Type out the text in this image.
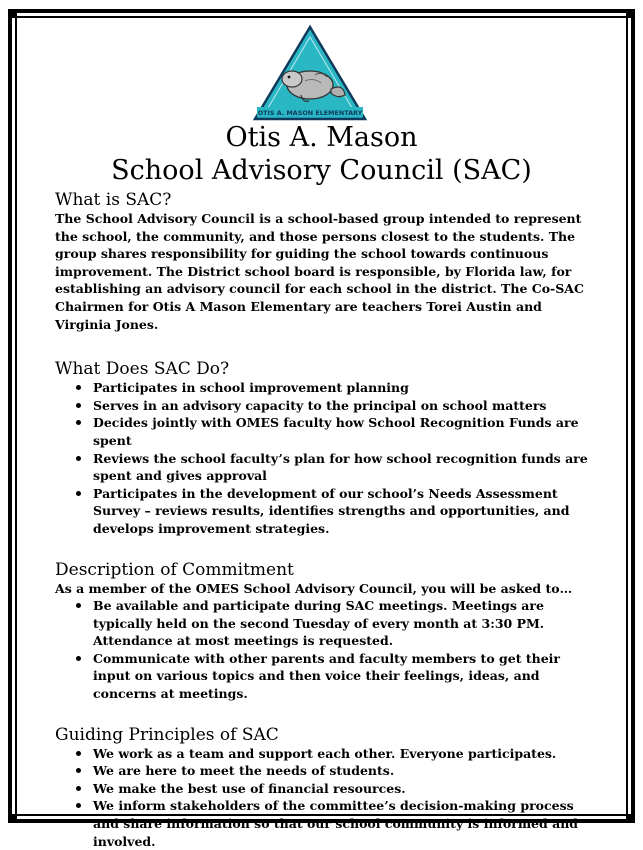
OTIS A. MASON ELEMENTARY
Otis A. Mason
School Advisory Council (SAC)
What is SAC?

The School Advisory Council is a school-based group intended to represent the school, the community, and those persons closest to the students. The group shares responsibility for guiding the school towards continuous improvement. The District school board is responsible, by Florida law, for establishing an advisory council for each school in the district. The Co-SAC Chairmen for Otis A Mason Elementary are teachers Torei Austin and Virginia Jones.

What Does SAC Do?
Participates in school improvement planning
Serves in an advisory capacity to the principal on school matters
Decides jointly with OMES faculty how School Recognition Funds are spent
Reviews the school faculty’s plan for how school recognition funds are spent and gives approval
Participates in the development of our school’s Needs Assessment Survey – reviews results, identifies strengths and opportunities, and develops improvement strategies.
Description of Commitment

As a member of the OMES School Advisory Council, you will be asked to…

Be available and participate during SAC meetings. Meetings are typically held on the second Tuesday of every month at 3:30 PM. Attendance at most meetings is requested.
Communicate with other parents and faculty members to get their input on various topics and then voice their feelings, ideas, and concerns at meetings.
Guiding Principles of SAC
We work as a team and support each other. Everyone participates.
We are here to meet the needs of students.
We make the best use of financial resources.
We inform stakeholders of the committee’s decision-making process and share information so that our school community is informed and involved.
